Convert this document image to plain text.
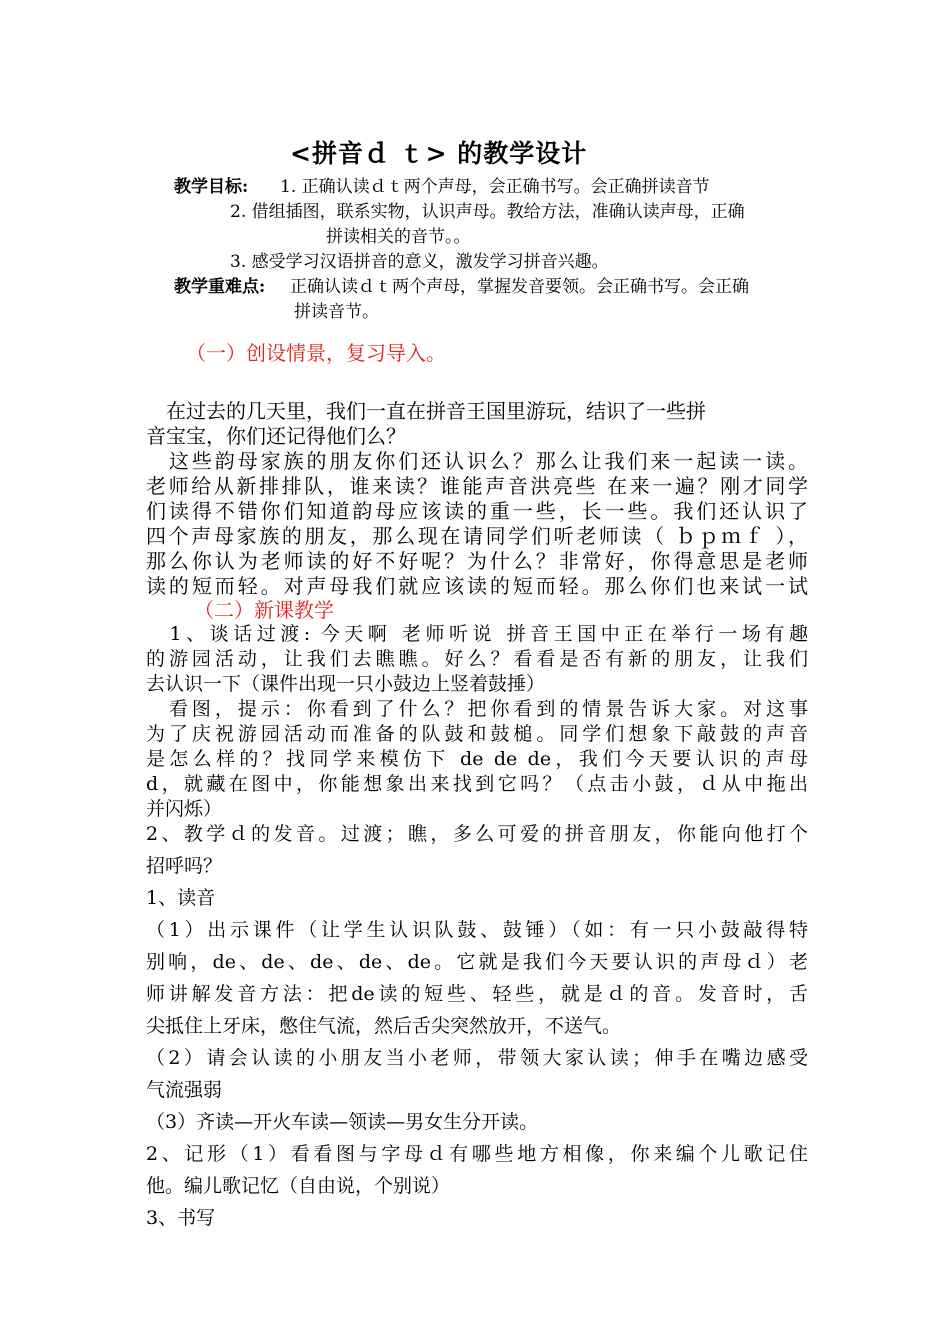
<拼音ｄ ｔ> 的教学设计
教学目标: 1. 正确认读ｄｔ两个声母，会正确书写。会正确拼读音节
2. 借组插图，联系实物，认识声母。教给方法，准确认读声母，正确
拼读相关的音节。。
3. 感受学习汉语拼音的意义，激发学习拼音兴趣。
教学重难点: 正确认读ｄｔ两个声母，掌握发音要领。会正确书写。会正确
拼读音节。
（一）创设情景，复习导入。

　在过去的几天里，我们一直在拼音王国里游玩，结识了一些拼

音宝宝，你们还记得他们么？

　这些韵母家族的朋友你们还认识么？那么让我们来一起读一读。

老师给从新排排队，谁来读？谁能声音洪亮些 在来一遍？刚才同学

们读得不错你们知道韵母应该读的重一些，长一些。我们还认识了

四个声母家族的朋友，那么现在请同学们听老师读（ ｂｐｍｆ ），

那么你认为老师读的好不好呢？为什么？非常好，你得意思是老师

读的短而轻。对声母我们就应该读的短而轻。那么你们也来试一试

（二）新课教学

　1、谈话过渡: 今天啊 老师听说 拼音王国中正在举行一场有趣

的游园活动，让我们去瞧瞧。好么？看看是否有新的朋友，让我们

去认识一下（课件出现一只小鼓边上竖着鼓捶）

　看图，提示：你看到了什么？把你看到的情景告诉大家。对这事

为了庆祝游园活动而准备的队鼓和鼓槌。同学们想象下敲鼓的声音

是怎么样的？找同学来模仿下 de de de，我们今天要认识的声母

d，就藏在图中，你能想象出来找到它吗？（点击小鼓，ｄ从中拖出

并闪烁）

2、教学ｄ的发音。过渡；瞧，多么可爱的拼音朋友，你能向他打个

招呼吗？

1、读音

（1）出示课件（让学生认识队鼓、鼓锤）（如：有一只小鼓敲得特

别响，de、de、de、de、de。它就是我们今天要认识的声母ｄ）老

师讲解发音方法：把de读的短些、轻些，就是ｄ的音。发音时，舌

尖抵住上牙床，憋住气流，然后舌尖突然放开，不送气。

（2）请会认读的小朋友当小老师，带领大家认读；伸手在嘴边感受

气流强弱

（3）齐读—开火车读—领读—男女生分开读。

2、记形（1）看看图与字母ｄ有哪些地方相像，你来编个儿歌记住

他。编儿歌记忆（自由说，个别说）

3、书写
